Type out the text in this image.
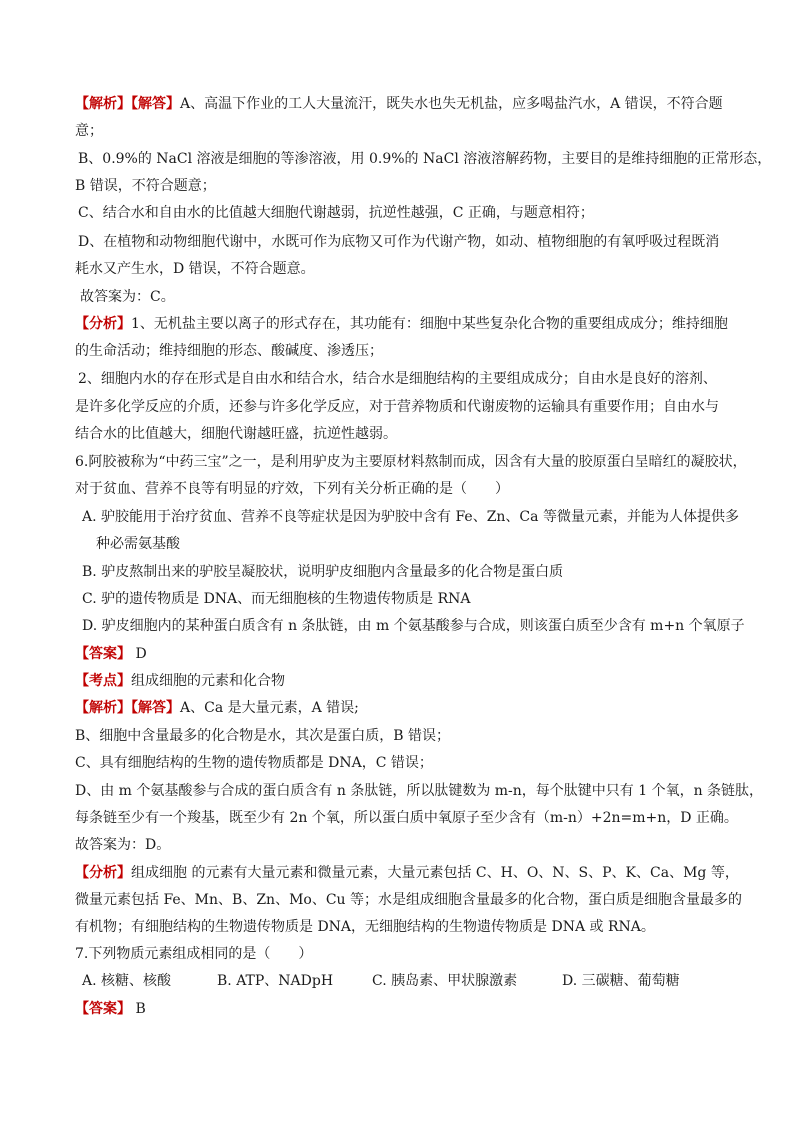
【解析】【解答】A、高温下作业的工人大量流汗，既失水也失无机盐，应多喝盐汽水，A 错误，不符合题
意；
B、0.9%的 NaCl 溶液是细胞的等渗溶液，用 0.9%的 NaCl 溶液溶解药物，主要目的是维持细胞的正常形态，
B 错误，不符合题意；
C、结合水和自由水的比值越大细胞代谢越弱，抗逆性越强，C 正确，与题意相符；
D、在植物和动物细胞代谢中，水既可作为底物又可作为代谢产物，如动、植物细胞的有氧呼吸过程既消
耗水又产生水，D 错误，不符合题意。
故答案为：C。
【分析】1、无机盐主要以离子的形式存在，其功能有：细胞中某些复杂化合物的重要组成成分；维持细胞
的生命活动；维持细胞的形态、酸碱度、渗透压；
2、细胞内水的存在形式是自由水和结合水，结合水是细胞结构的主要组成成分；自由水是良好的溶剂、
是许多化学反应的介质，还参与许多化学反应，对于营养物质和代谢废物的运输具有重要作用；自由水与
结合水的比值越大，细胞代谢越旺盛，抗逆性越弱。
6.阿胶被称为“中药三宝”之一，是利用驴皮为主要原材料熬制而成，因含有大量的胶原蛋白呈暗红的凝胶状，
对于贫血、营养不良等有明显的疗效，下列有关分析正确的是（　　）
A. 驴胶能用于治疗贫血、营养不良等症状是因为驴胶中含有 Fe、Zn、Ca 等微量元素，并能为人体提供多
种必需氨基酸
B. 驴皮熬制出来的驴胶呈凝胶状，说明驴皮细胞内含量最多的化合物是蛋白质
C. 驴的遗传物质是 DNA、而无细胞核的生物遗传物质是 RNA
D. 驴皮细胞内的某种蛋白质含有 n 条肽链，由 m 个氨基酸参与合成，则该蛋白质至少含有 m+n 个氧原子
【答案】 D
【考点】组成细胞的元素和化合物
【解析】【解答】A、Ca 是大量元素，A 错误;
B、细胞中含量最多的化合物是水，其次是蛋白质，B 错误；
C、具有细胞结构的生物的遗传物质都是 DNA，C 错误；
D、由 m 个氨基酸参与合成的蛋白质含有 n 条肽链，所以肽键数为 m-n，每个肽键中只有 1 个氧，n 条链肽，
每条链至少有一个羧基，既至少有 2n 个氧，所以蛋白质中氧原子至少含有（m-n）+2n=m+n，D 正确。
故答案为：D。
【分析】组成细胞 的元素有大量元素和微量元素，大量元素包括 C、H、O、N、S、P、K、Ca、Mg 等，
微量元素包括 Fe、Mn、B、Zn、Mo、Cu 等；水是组成细胞含量最多的化合物，蛋白质是细胞含量最多的
有机物；有细胞结构的生物遗传物质是 DNA，无细胞结构的生物遗传物质是 DNA 或 RNA。
7.下列物质元素组成相同的是（　　）
A. 核糖、核酸	B. ATP、NADpH	C. 胰岛素、甲状腺激素	D. 三碳糖、葡萄糖
【答案】 B
